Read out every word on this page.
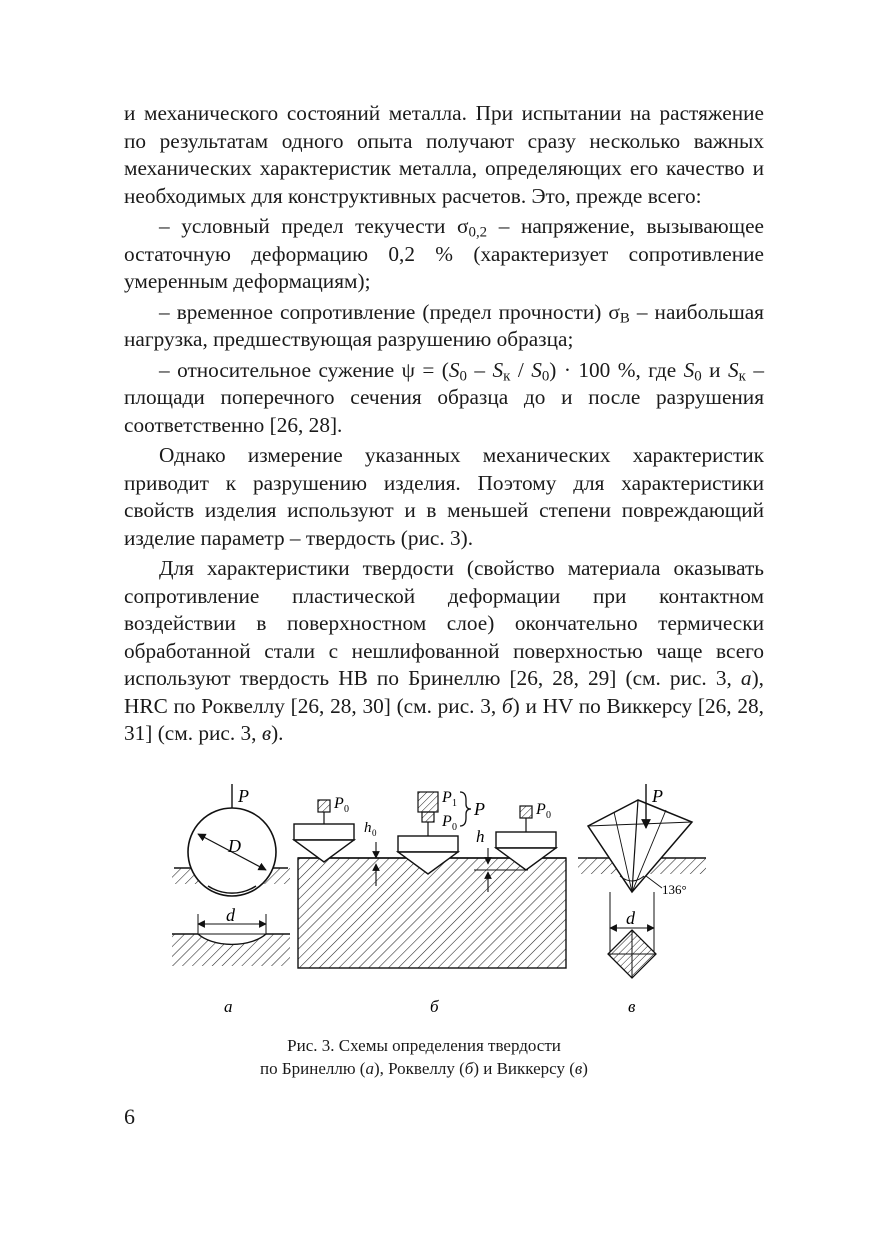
и механического состояний металла. При испытании на растяжение по результатам одного опыта получают сразу несколько важных механических характеристик металла, определяющих его качество и необходимых для конструктивных расчетов. Это, прежде всего:

– условный предел текучести $\sigma_{0,2}$ – напряжение, вызывающее остаточную деформацию 0,2 % (характеризует сопротивление умеренным деформациям);

– временное сопротивление (предел прочности) $\sigma_В$ – наибольшая нагрузка, предшествующая разрушению образца;

– относительное сужение $\psi = (S_0 - S_к / S_0) \cdot 100$ %, где $S_0$ и $S_к$ – площади поперечного сечения образца до и после разрушения соответственно [26, 28].

Однако измерение указанных механических характеристик приводит к разрушению изделия. Поэтому для характеристики свойств изделия используют и в меньшей степени повреждающий изделие параметр – твердость (рис. 3).

Для характеристики твердости (свойство материала оказывать сопротивление пластической деформации при контактном воздействии в поверхностном слое) окончательно термически обработанной стали с нешлифованной поверхностью чаще всего используют твердость HB по Бринеллю [26, 28, 29] (см. рис. 3, а), HRC по Роквеллу [26, 28, 30] (см. рис. 3, б) и HV по Виккерсу [26, 28, 31] (см. рис. 3, в).

P
D
d
а
P 0
h 0
P 1
P 0
P	P 0
h
б
P
136°
d
в
Рис. 3. Схемы определения твердости
по Бринеллю (а), Роквеллу (б) и Виккерсу (в)
6
